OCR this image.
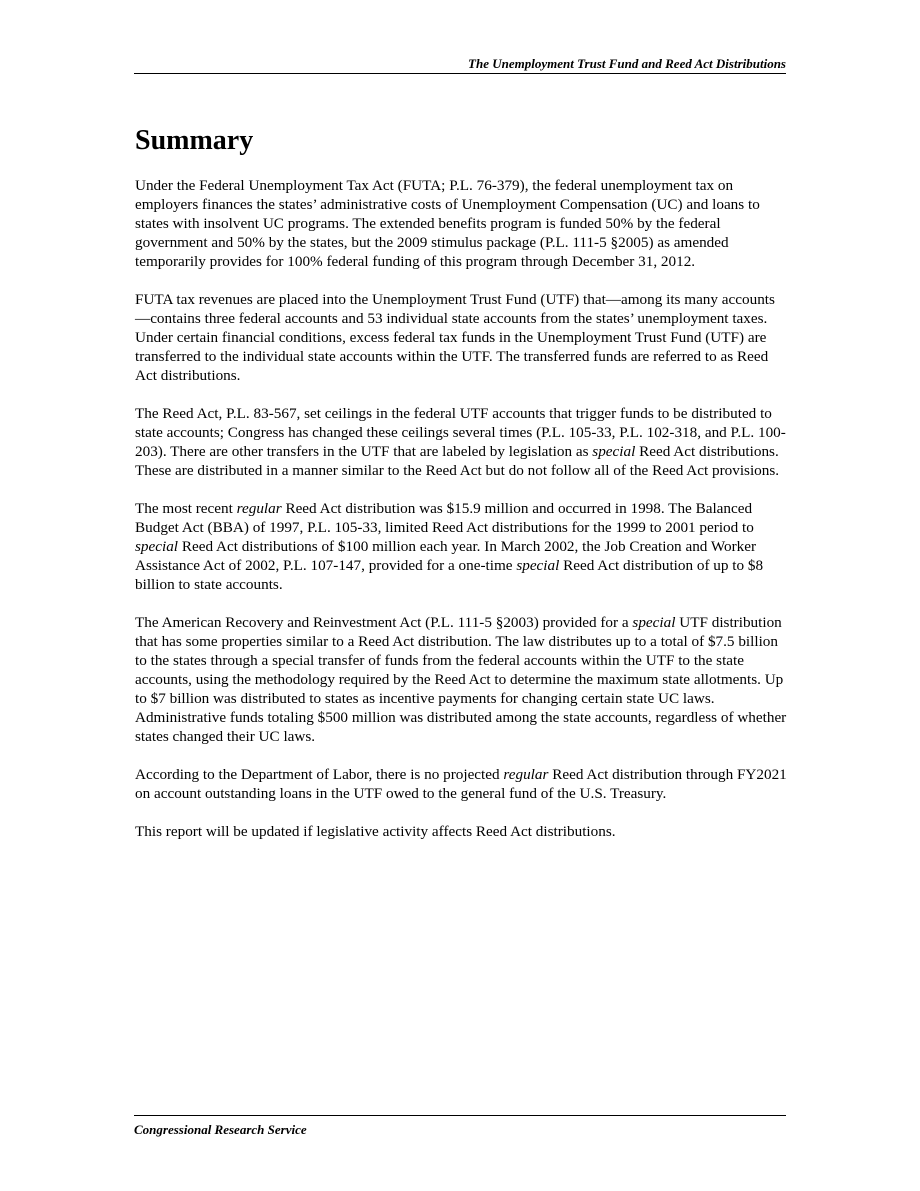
The Unemployment Trust Fund and Reed Act Distributions
Summary

Under the Federal Unemployment Tax Act (FUTA; P.L. 76-379), the federal unemployment tax on employers finances the states’ administrative costs of Unemployment Compensation (UC) and loans to states with insolvent UC programs. The extended benefits program is funded 50% by the federal government and 50% by the states, but the 2009 stimulus package (P.L. 111-5 §2005) as amended temporarily provides for 100% federal funding of this program through December 31, 2012.

FUTA tax revenues are placed into the Unemployment Trust Fund (UTF) that—among its many accounts—contains three federal accounts and 53 individual state accounts from the states’ unemployment taxes. Under certain financial conditions, excess federal tax funds in the Unemployment Trust Fund (UTF) are transferred to the individual state accounts within the UTF. The transferred funds are referred to as Reed Act distributions.

The Reed Act, P.L. 83-567, set ceilings in the federal UTF accounts that trigger funds to be distributed to state accounts; Congress has changed these ceilings several times (P.L. 105-33, P.L. 102-318, and P.L. 100-203). There are other transfers in the UTF that are labeled by legislation as special Reed Act distributions. These are distributed in a manner similar to the Reed Act but do not follow all of the Reed Act provisions.

The most recent regular Reed Act distribution was $15.9 million and occurred in 1998. The Balanced Budget Act (BBA) of 1997, P.L. 105-33, limited Reed Act distributions for the 1999 to 2001 period to special Reed Act distributions of $100 million each year. In March 2002, the Job Creation and Worker Assistance Act of 2002, P.L. 107-147, provided for a one-time special Reed Act distribution of up to $8 billion to state accounts.

The American Recovery and Reinvestment Act (P.L. 111-5 §2003) provided for a special UTF distribution that has some properties similar to a Reed Act distribution. The law distributes up to a total of $7.5 billion to the states through a special transfer of funds from the federal accounts within the UTF to the state accounts, using the methodology required by the Reed Act to determine the maximum state allotments. Up to $7 billion was distributed to states as incentive payments for changing certain state UC laws. Administrative funds totaling $500 million was distributed among the state accounts, regardless of whether states changed their UC laws.

According to the Department of Labor, there is no projected regular Reed Act distribution through FY2021 on account outstanding loans in the UTF owed to the general fund of the U.S. Treasury.

This report will be updated if legislative activity affects Reed Act distributions.

Congressional Research Service
